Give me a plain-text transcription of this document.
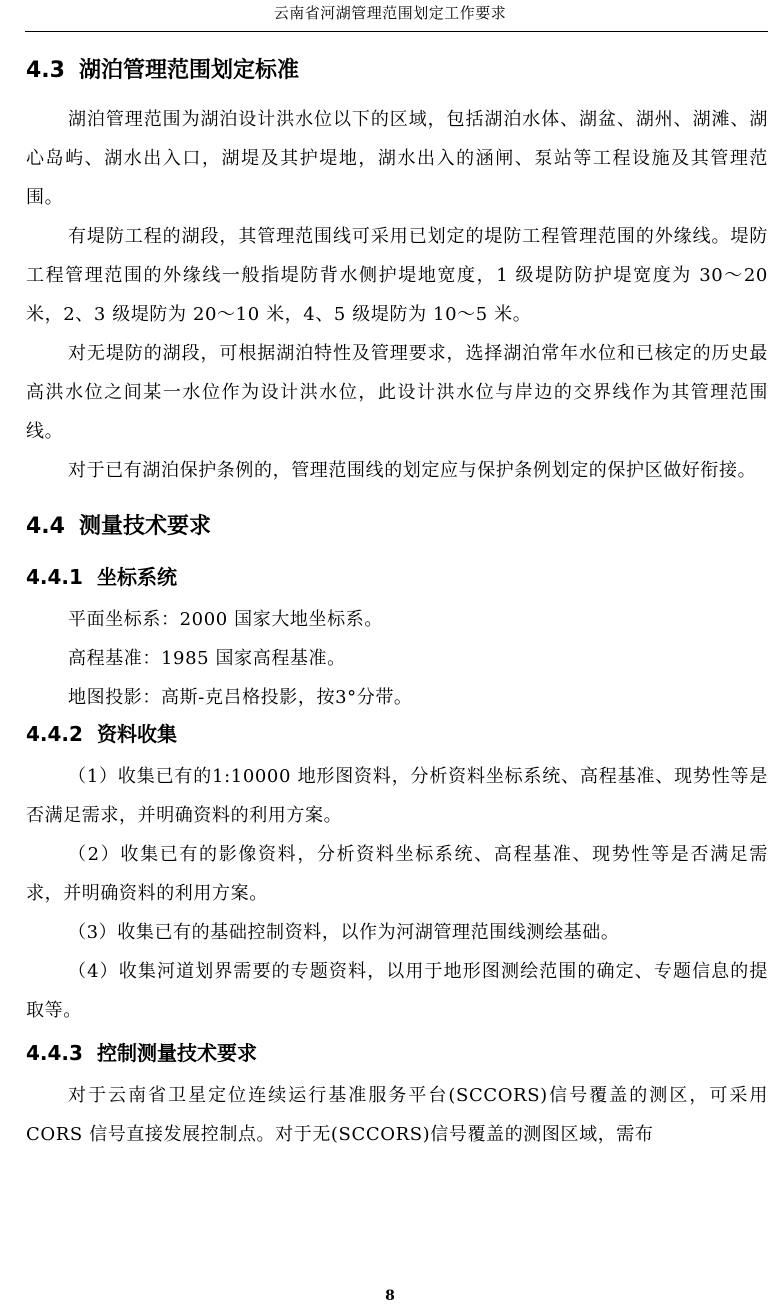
云南省河湖管理范围划定工作要求
4.3 湖泊管理范围划定标准

湖泊管理范围为湖泊设计洪水位以下的区域，包括湖泊水体、湖盆、湖州、湖滩、湖心岛屿、湖水出入口，湖堤及其护堤地，湖水出入的涵闸、泵站等工程设施及其管理范围。

有堤防工程的湖段，其管理范围线可采用已划定的堤防工程管理范围的外缘线。堤防工程管理范围的外缘线一般指堤防背水侧护堤地宽度，1 级堤防防护堤宽度为 30～20 米，2、3 级堤防为 20～10 米，4、5 级堤防为 10～5 米。

对无堤防的湖段，可根据湖泊特性及管理要求，选择湖泊常年水位和已核定的历史最高洪水位之间某一水位作为设计洪水位，此设计洪水位与岸边的交界线作为其管理范围线。

对于已有湖泊保护条例的，管理范围线的划定应与保护条例划定的保护区做好衔接。

4.4 测量技术要求
4.4.1 坐标系统

平面坐标系：2000 国家大地坐标系。

高程基准：1985 国家高程基准。

地图投影：高斯-克吕格投影，按3°分带。

4.4.2 资料收集

（1）收集已有的1:10000 地形图资料，分析资料坐标系统、高程基准、现势性等是否满足需求，并明确资料的利用方案。

（2）收集已有的影像资料，分析资料坐标系统、高程基准、现势性等是否满足需求，并明确资料的利用方案。

（3）收集已有的基础控制资料，以作为河湖管理范围线测绘基础。

（4）收集河道划界需要的专题资料，以用于地形图测绘范围的确定、专题信息的提取等。

4.4.3 控制测量技术要求

对于云南省卫星定位连续运行基准服务平台(SCCORS)信号覆盖的测区，可采用CORS 信号直接发展控制点。对于无(SCCORS)信号覆盖的测图区域，需布

8
